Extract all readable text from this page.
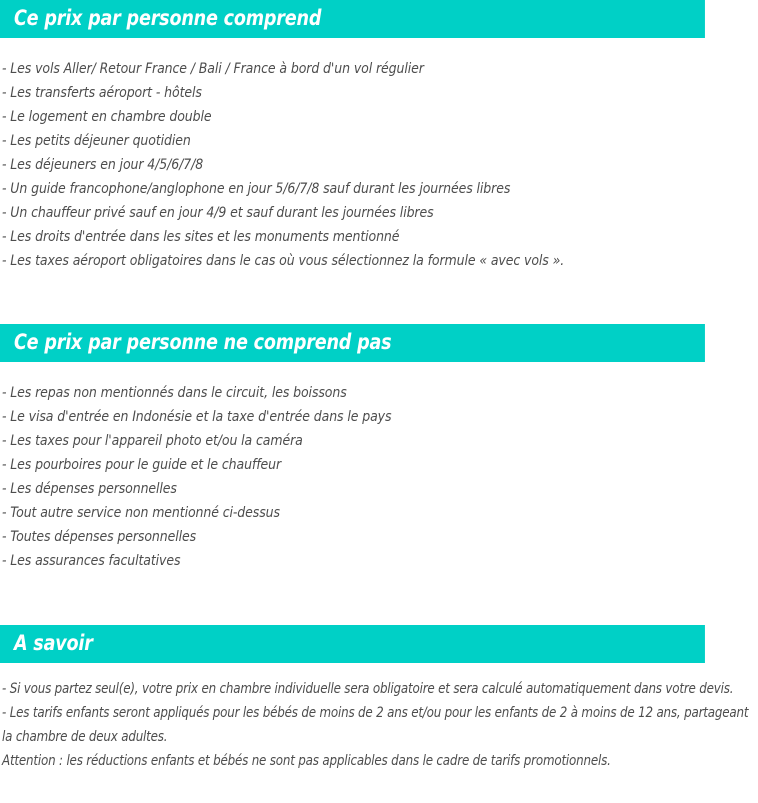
Ce prix par personne comprend
- Les vols Aller/ Retour France / Bali / France à bord d'un vol régulier
- Les transferts aéroport - hôtels
- Le logement en chambre double
- Les petits déjeuner quotidien
- Les déjeuners en jour 4/5/6/7/8
- Un guide francophone/anglophone en jour 5/6/7/8 sauf durant les journées libres
- Un chauffeur privé sauf en jour 4/9 et sauf durant les journées libres
- Les droits d'entrée dans les sites et les monuments mentionné
- Les taxes aéroport obligatoires dans le cas où vous sélectionnez la formule « avec vols ».
Ce prix par personne ne comprend pas
- Les repas non mentionnés dans le circuit, les boissons
- Le visa d'entrée en Indonésie et la taxe d'entrée dans le pays
- Les taxes pour l'appareil photo et/ou la caméra
- Les pourboires pour le guide et le chauffeur
- Les dépenses personnelles
- Tout autre service non mentionné ci-dessus
- Toutes dépenses personnelles
- Les assurances facultatives
A savoir
- Si vous partez seul(e), votre prix en chambre individuelle sera obligatoire et sera calculé automatiquement dans votre devis.
- Les tarifs enfants seront appliqués pour les bébés de moins de 2 ans et/ou pour les enfants de 2 à moins de 12 ans, partageant la chambre de deux adultes.
Attention : les réductions enfants et bébés ne sont pas applicables dans le cadre de tarifs promotionnels.
